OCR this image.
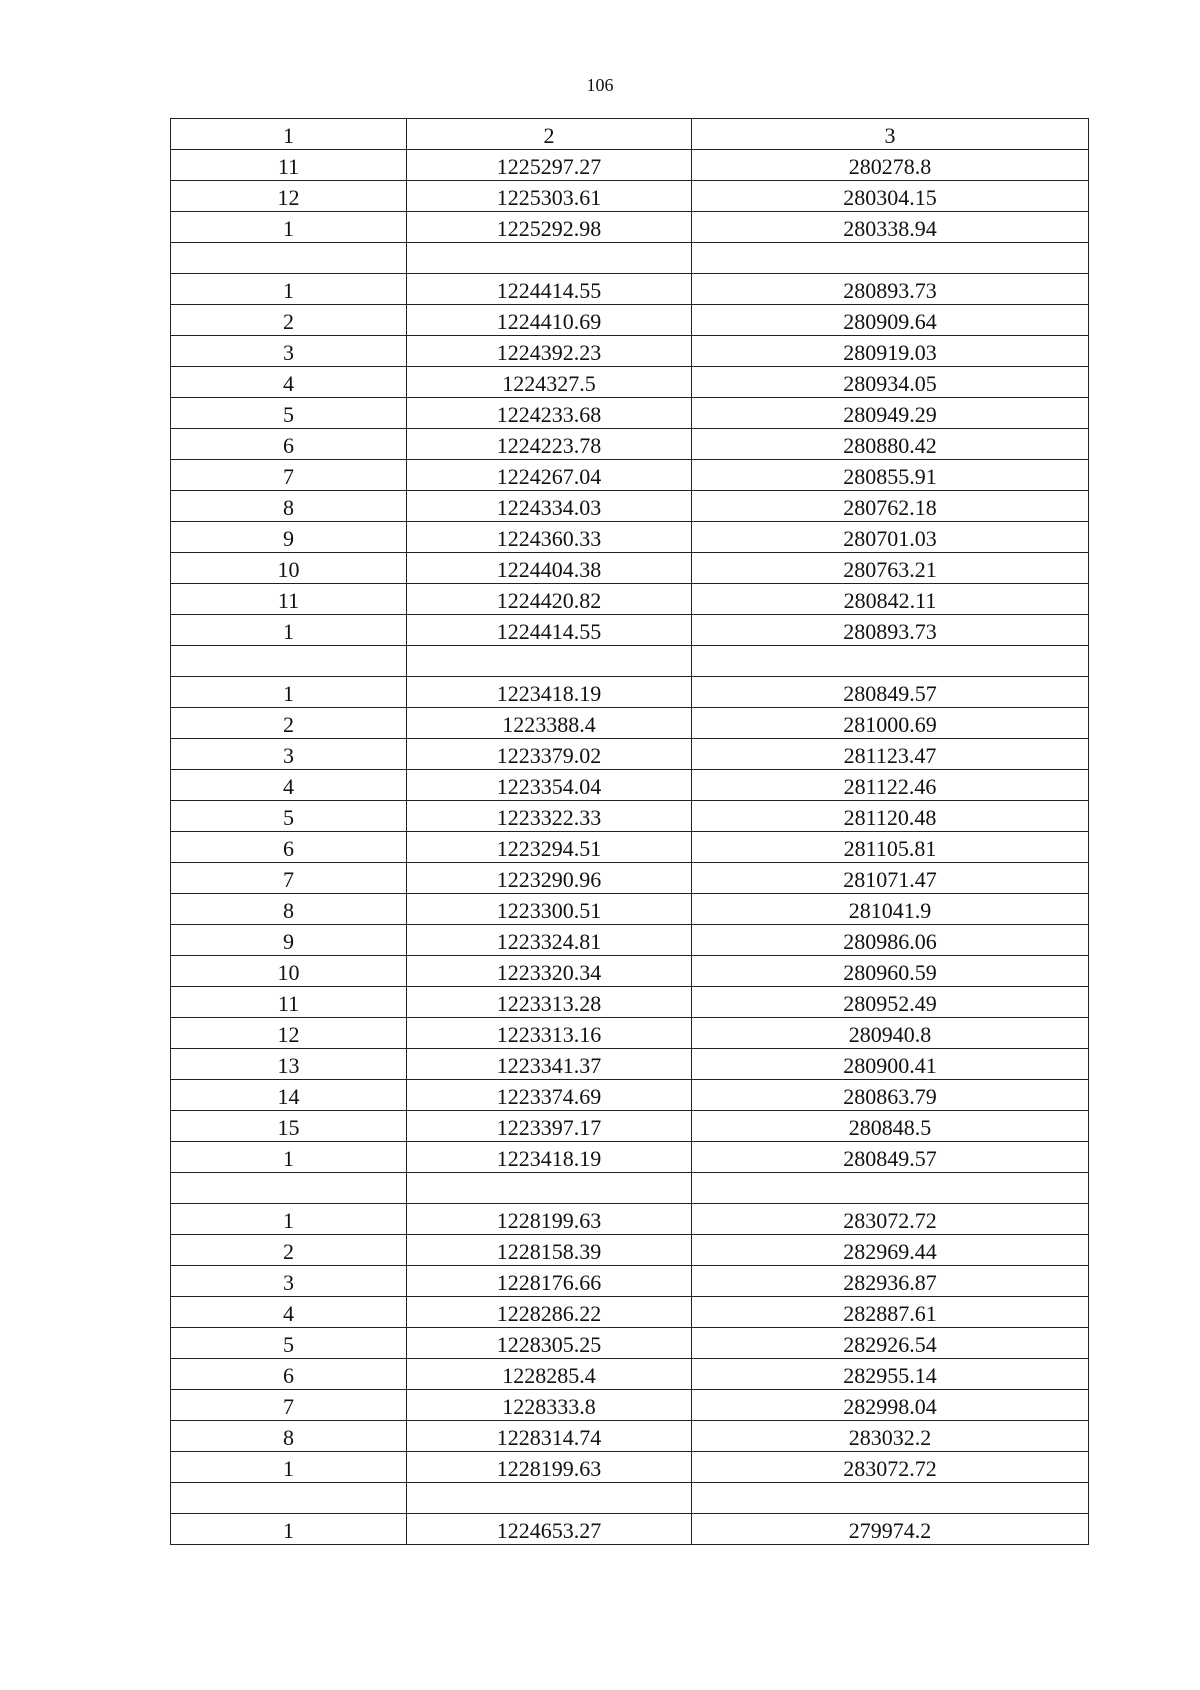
106
1	2	3
11	1225297.27	280278.8
12	1225303.61	280304.15
1	1225292.98	280338.94

1	1224414.55	280893.73
2	1224410.69	280909.64
3	1224392.23	280919.03
4	1224327.5	280934.05
5	1224233.68	280949.29
6	1224223.78	280880.42
7	1224267.04	280855.91
8	1224334.03	280762.18
9	1224360.33	280701.03
10	1224404.38	280763.21
11	1224420.82	280842.11
1	1224414.55	280893.73

1	1223418.19	280849.57
2	1223388.4	281000.69
3	1223379.02	281123.47
4	1223354.04	281122.46
5	1223322.33	281120.48
6	1223294.51	281105.81
7	1223290.96	281071.47
8	1223300.51	281041.9
9	1223324.81	280986.06
10	1223320.34	280960.59
11	1223313.28	280952.49
12	1223313.16	280940.8
13	1223341.37	280900.41
14	1223374.69	280863.79
15	1223397.17	280848.5
1	1223418.19	280849.57

1	1228199.63	283072.72
2	1228158.39	282969.44
3	1228176.66	282936.87
4	1228286.22	282887.61
5	1228305.25	282926.54
6	1228285.4	282955.14
7	1228333.8	282998.04
8	1228314.74	283032.2
1	1228199.63	283072.72

1	1224653.27	279974.2
